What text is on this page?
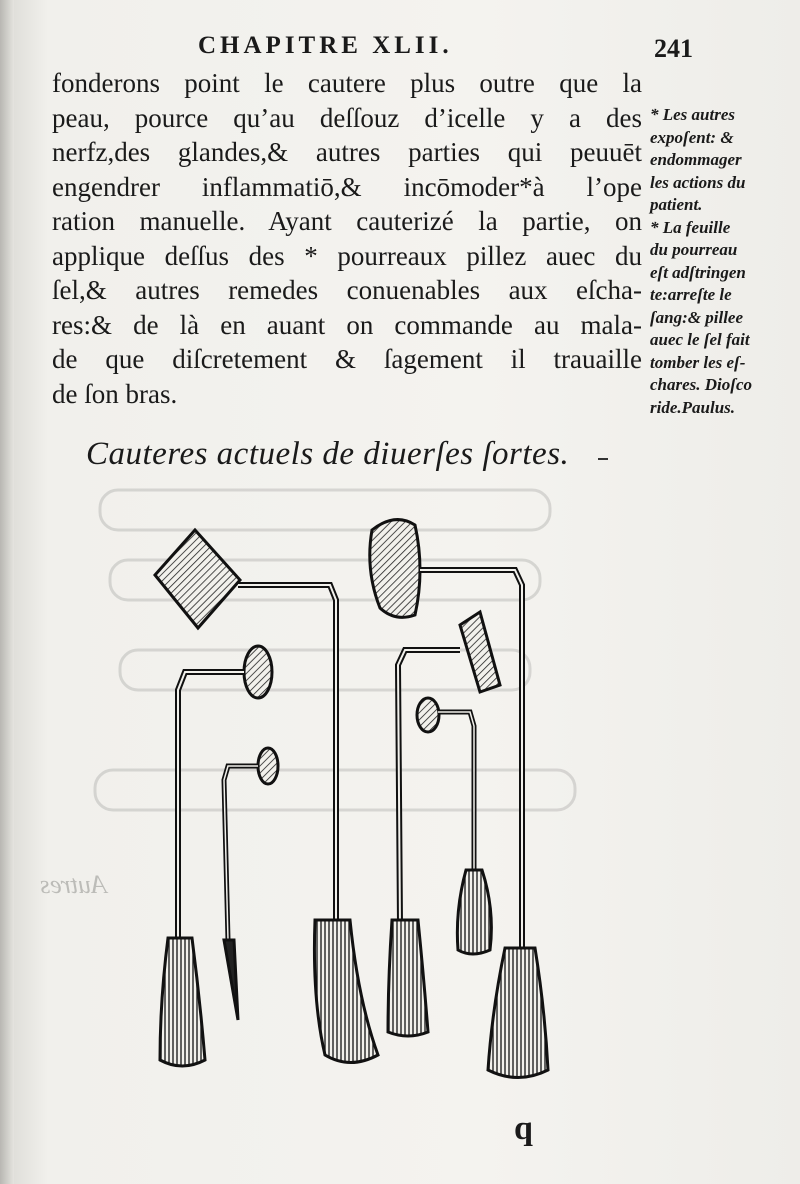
CHAPITRE XLII.	241
fonderons point le cautere plus outre que la
peau, pource qu’au deſſouz d’icelle y a des
nerfz,des glandes,& autres parties qui peuuēt
engendrer inflammatiō,& incōmoder*à l’ope
ration manuelle. Ayant cauterizé la partie, on
applique deſſus des * pourreaux pillez auec du
ſel,& autres remedes conuenables aux eſcha-
res:& de là en auant on commande au mala-
de que diſcretement & ſagement il trauaille
de ſon bras.
* Les autres
expoſent: &
endommager
les actions du
patient.
* La feuille
du pourreau
eſt adſtringen
te:arreſte le
ſang:& pillee
auec le ſel fait
tomber les eſ-
chares. Dioſco
ride.Paulus.
Cauteres actuels de diuerſes ſortes.
Autres
q
